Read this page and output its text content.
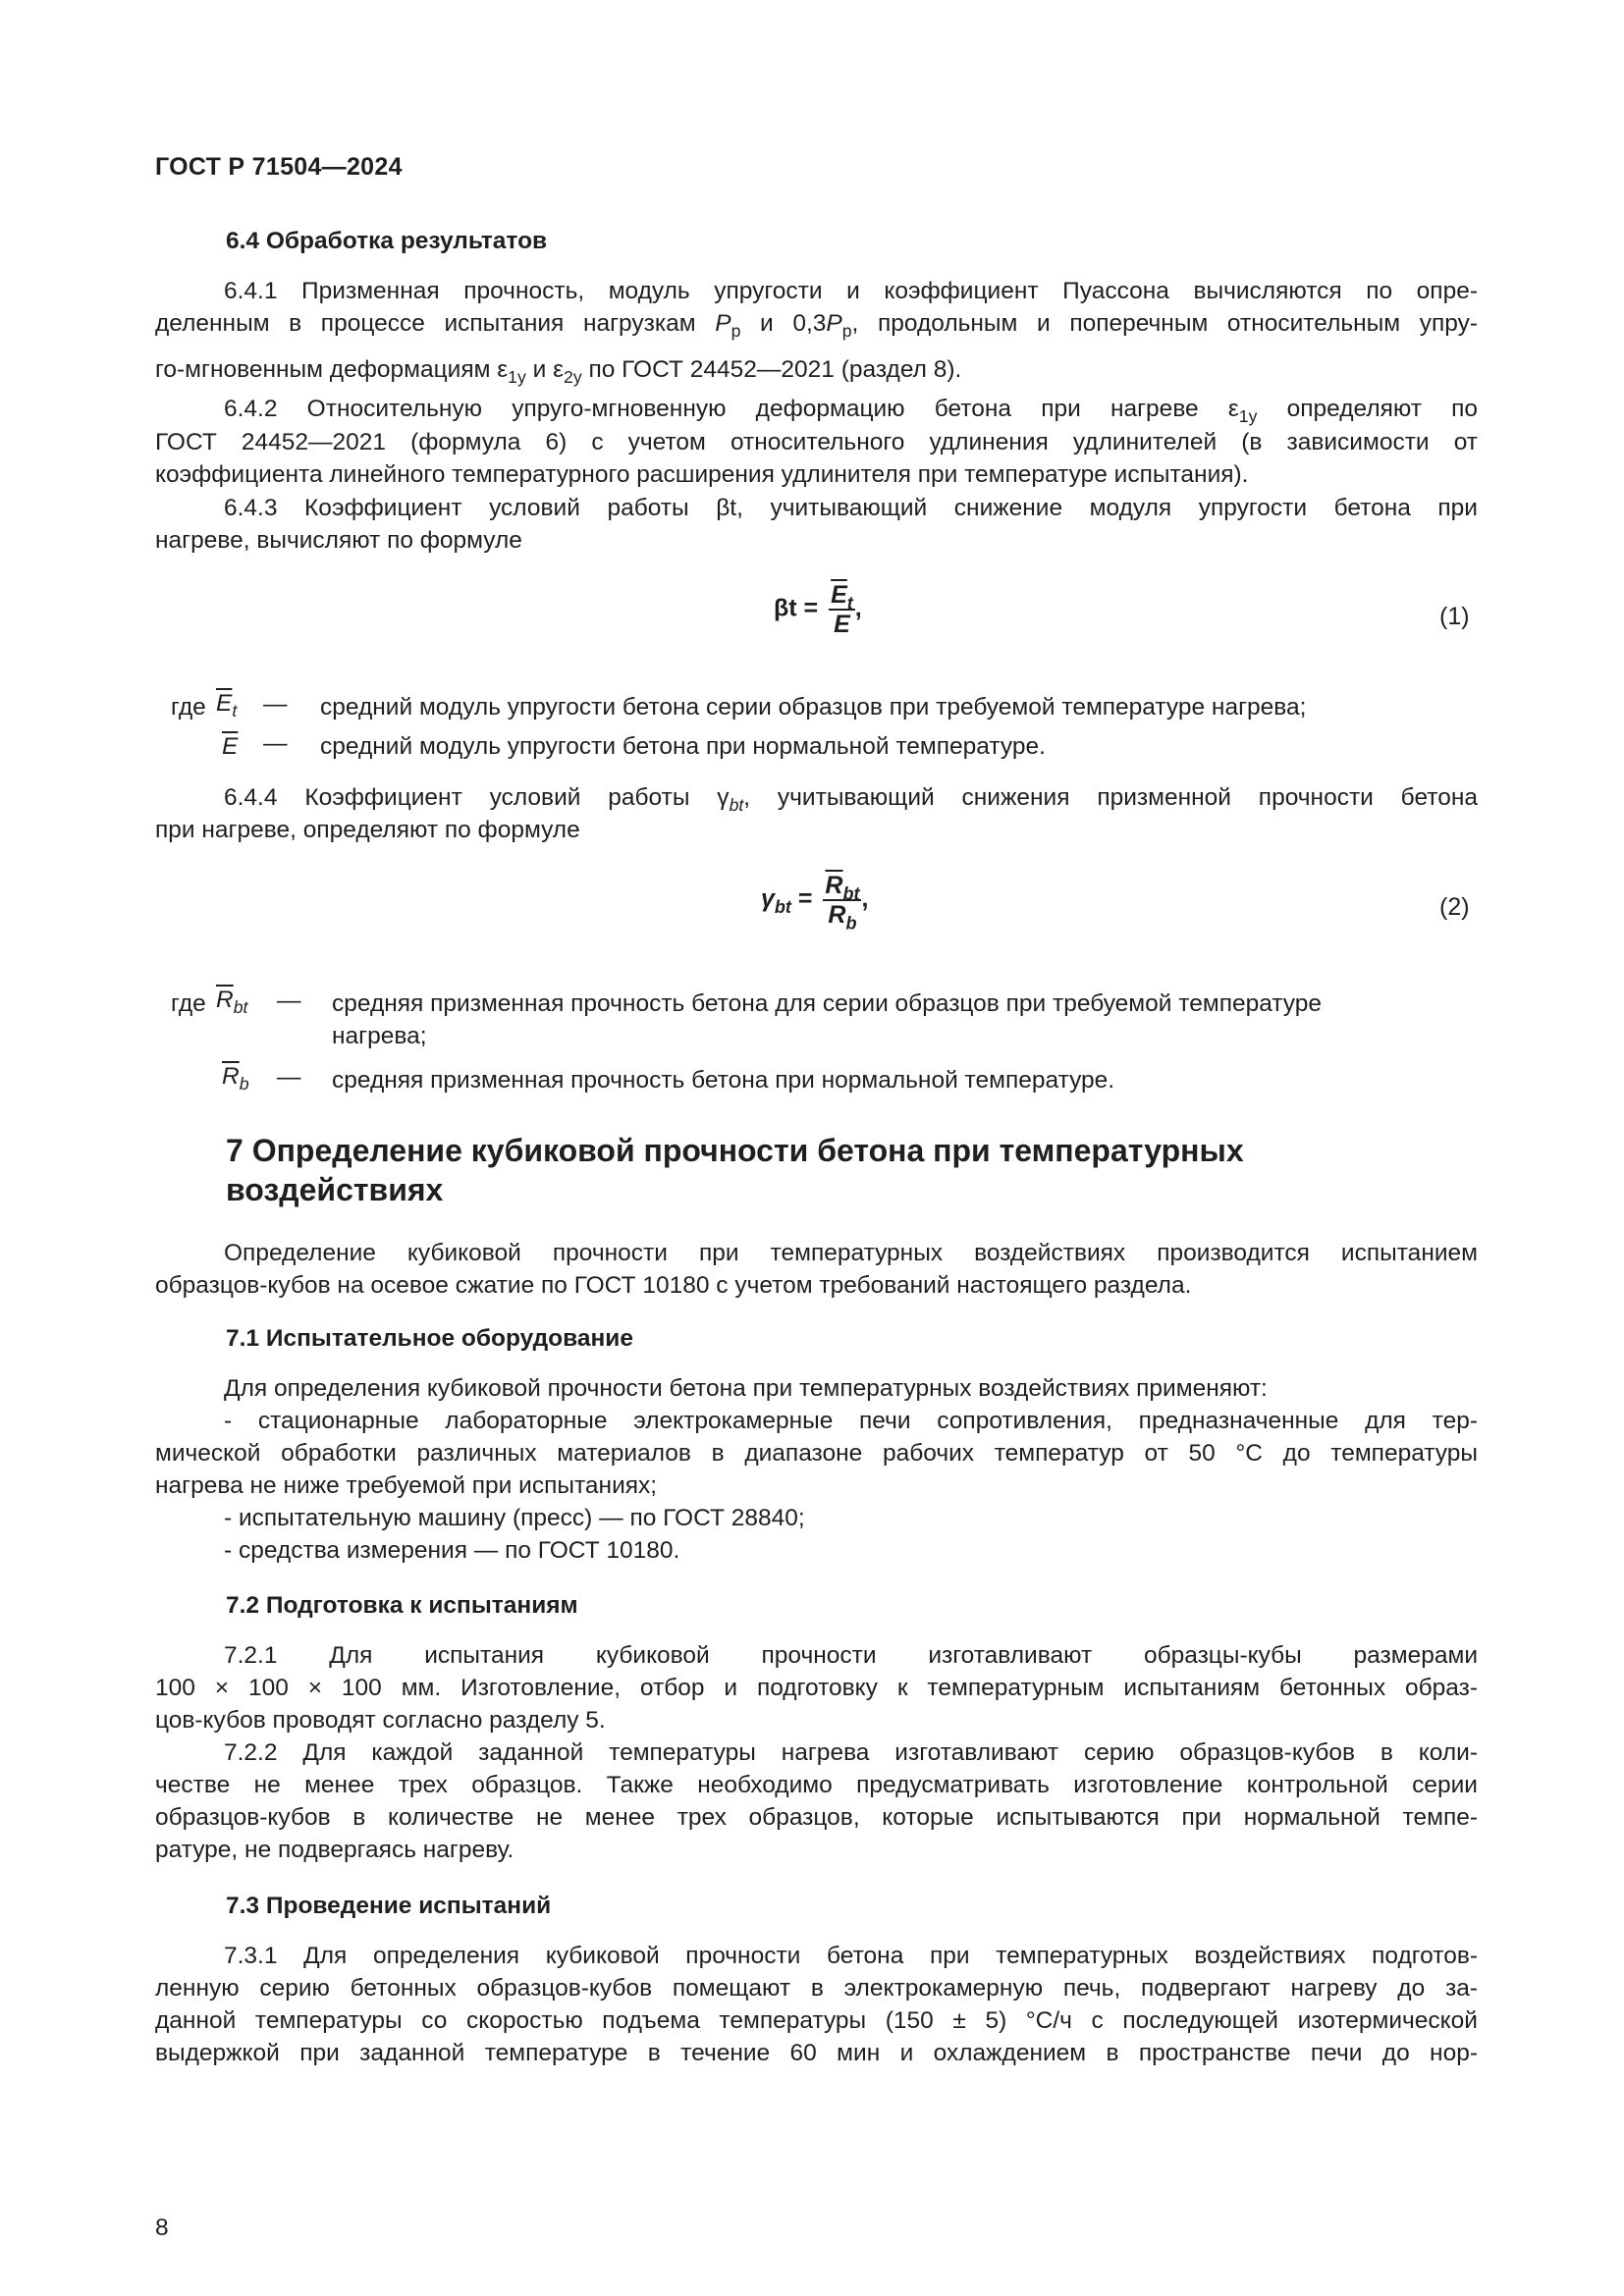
ГОСТ Р 71504—2024
6.4 Обработка результатов
6.4.1 Призменная прочность, модуль упругости и коэффициент Пуассона вычисляются по опре-
деленным в процессе испытания нагрузкам $P_р$ и $0,3P_р$, продольным и поперечным относительным упру-
го-мгновенным деформациям $\varepsilon_{1у}$ и $\varepsilon_{2у}$ по ГОСТ 24452—2021 (раздел 8).
6.4.2 Относительную упруго-мгновенную деформацию бетона при нагреве $\varepsilon_{1у}$ определяют по
ГОСТ 24452—2021 (формула 6) с учетом относительного удлинения удлинителей (в зависимости от
коэффициента линейного температурного расширения удлинителя при температуре испытания).
6.4.3 Коэффициент условий работы βt, учитывающий снижение модуля упругости бетона при
нагреве, вычисляют по формуле
$\beta t = \frac{\overline{E}_t}{E}$ ,	(1)
где $\overline{E}_t$ — средний модуль упругости бетона серии образцов при требуемой температуре нагрева;
$\overline{E}$ — средний модуль упругости бетона при нормальной температуре.
6.4.4 Коэффициент условий работы $\gamma_{bt}$, учитывающий снижения призменной прочности бетона
при нагреве, определяют по формуле
$\gamma_{bt} = \frac{\overline{R}_{bt}}{\overline{R}_b}$ ,	(2)
где $\overline{R}_{bt}$ — средняя призменная прочность бетона для серии образцов при требуемой температуре
нагрева;
$\overline{R}_b$ — средняя призменная прочность бетона при нормальной температуре.
7 Определение кубиковой прочности бетона при температурных
воздействиях
Определение кубиковой прочности при температурных воздействиях производится испытанием
образцов-кубов на осевое сжатие по ГОСТ 10180 с учетом требований настоящего раздела.
7.1 Испытательное оборудование
Для определения кубиковой прочности бетона при температурных воздействиях применяют:
- стационарные лабораторные электрокамерные печи сопротивления, предназначенные для тер-
мической обработки различных материалов в диапазоне рабочих температур от 50 °С до температуры
нагрева не ниже требуемой при испытаниях;
- испытательную машину (пресс) — по ГОСТ 28840;
- средства измерения — по ГОСТ 10180.
7.2 Подготовка к испытаниям
7.2.1 Для испытания кубиковой прочности изготавливают образцы-кубы размерами
100 × 100 × 100 мм. Изготовление, отбор и подготовку к температурным испытаниям бетонных образ-
цов-кубов проводят согласно разделу 5.
7.2.2 Для каждой заданной температуры нагрева изготавливают серию образцов-кубов в коли-
честве не менее трех образцов. Также необходимо предусматривать изготовление контрольной серии
образцов-кубов в количестве не менее трех образцов, которые испытываются при нормальной темпе-
ратуре, не подвергаясь нагреву.
7.3 Проведение испытаний
7.3.1 Для определения кубиковой прочности бетона при температурных воздействиях подготов-
ленную серию бетонных образцов-кубов помещают в электрокамерную печь, подвергают нагреву до за-
данной температуры со скоростью подъема температуры (150 ± 5) °С/ч с последующей изотермической
выдержкой при заданной температуре в течение 60 мин и охлаждением в пространстве печи до нор-
8
